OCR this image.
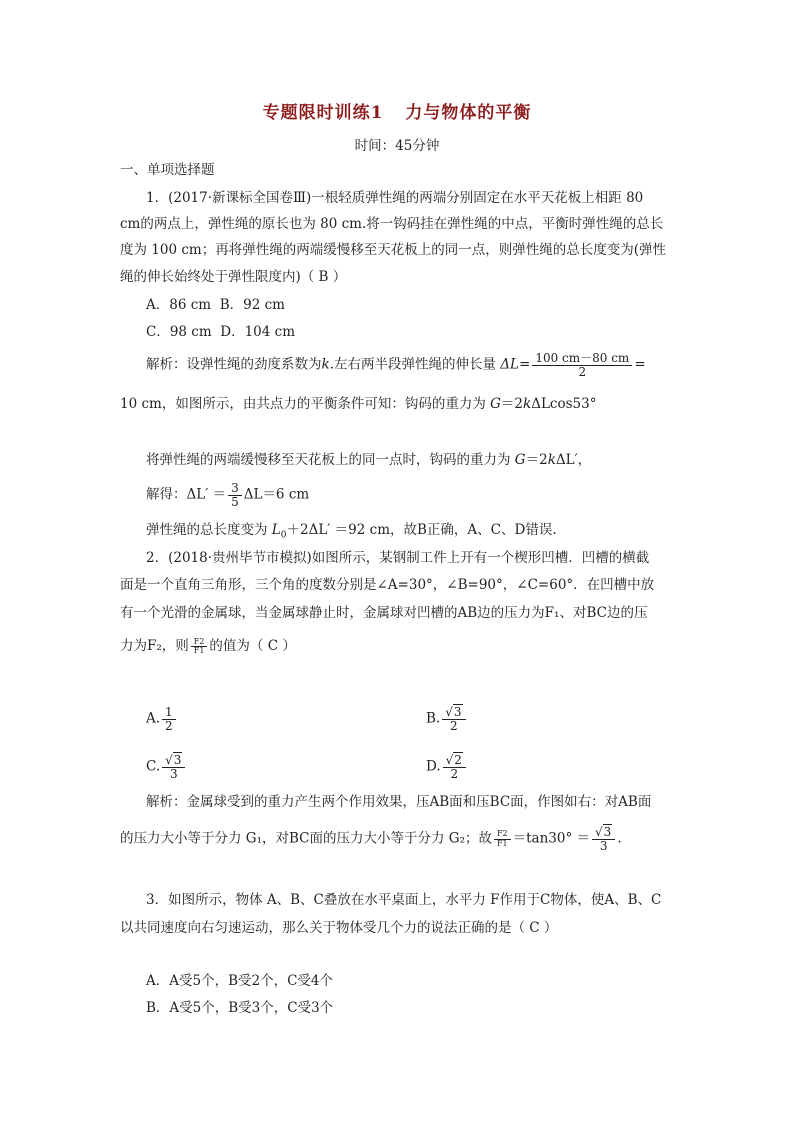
专题限时训练1 力与物体的平衡
时间：45分钟
一、单项选择题
1．(2017·新课标全国卷Ⅲ)一根轻质弹性绳的两端分别固定在水平天花板上相距 80
cm的两点上，弹性绳的原长也为 80 cm.将一钩码挂在弹性绳的中点，平衡时弹性绳的总长
度为 100 cm；再将弹性绳的两端缓慢移至天花板上的同一点，则弹性绳的总长度变为(弹性
绳的伸长始终处于弹性限度内)（ B ）
A．86 cm B．92 cm
C．98 cm D．104 cm
解析：设弹性绳的劲度系数为k.左右两半段弹性绳的伸长量 $\Delta L= \frac{100 cm-80 cm}{2}$ =
10 cm，如图所示，由共点力的平衡条件可知：钩码的重力为 G＝2kΔLcos53°
将弹性绳的两端缓慢移至天花板上的同一点时，钩码的重力为 G＝2kΔL′，
解得：$\Delta L' = \frac{3}{5} \Delta L=6$ cm
弹性绳的总长度变为 $L_0+2\Delta L' =92$ cm，故B正确，A、C、D错误.
2．(2018·贵州毕节市模拟)如图所示，某钢制工件上开有一个楔形凹槽．凹槽的横截
面是一个直角三角形，三个角的度数分别是∠A=30°，∠B=90°，∠C=60°．在凹槽中放
有一个光滑的金属球，当金属球静止时，金属球对凹槽的AB边的压力为F₁、对BC边的压
力为F₂，则 $\frac{F2}{F1}$ 的值为（ C ）
A. $\frac{1}{2}$	B. $\frac{√3}{2}$
C. $\frac{√3}{3}$	D. $\frac{√2}{2}$
解析：金属球受到的重力产生两个作用效果，压AB面和压BC面，作图如右：对AB面
的压力大小等于分力 G₁，对BC面的压力大小等于分力 G₂；故 $\frac{F2}{F1} =\tan 30^\circ = \frac{√3}{3}$ .
3．如图所示，物体 A、B、C叠放在水平桌面上，水平力 F作用于C物体，使A、B、C
以共同速度向右匀速运动，那么关于物体受几个力的说法正确的是（ C ）
A．A受5个，B受2个，C受4个
B．A受5个，B受3个，C受3个
